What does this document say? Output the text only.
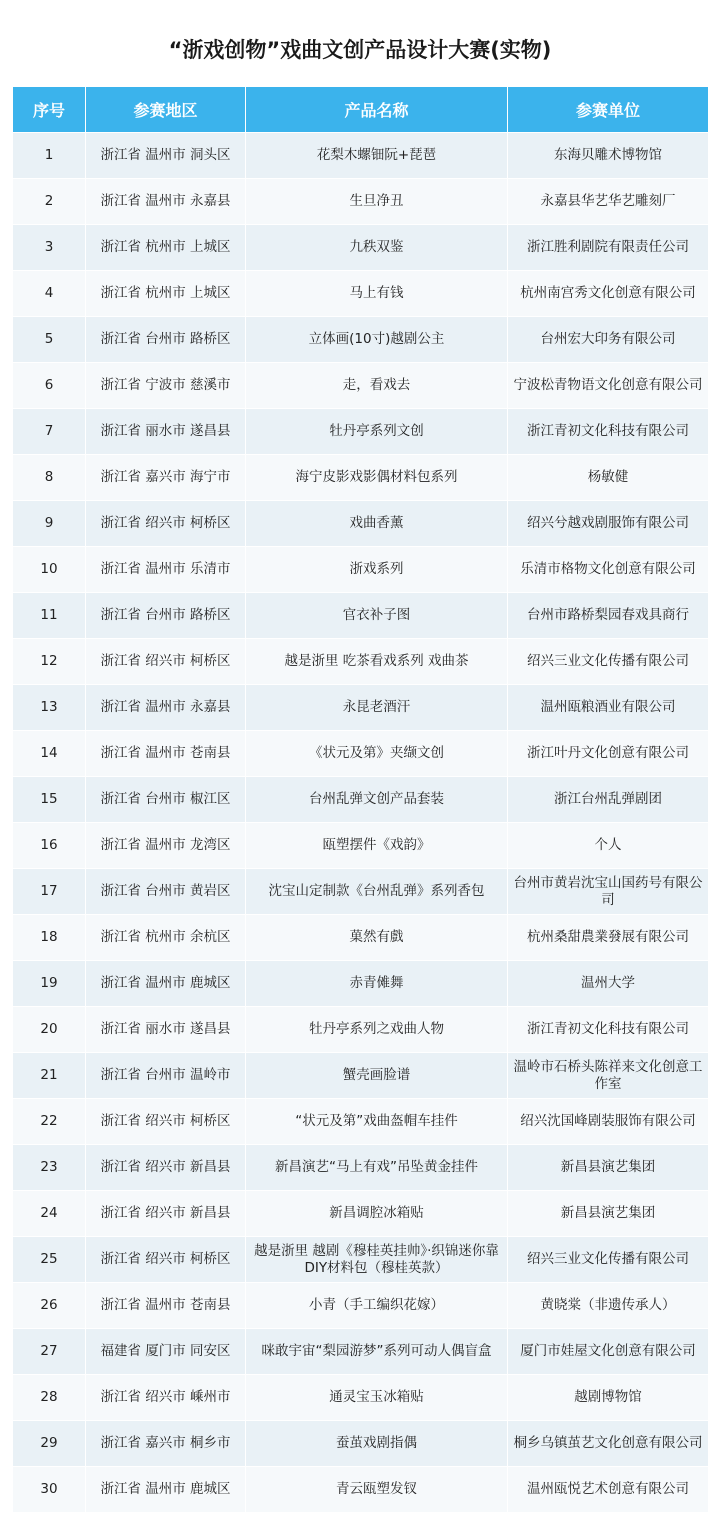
“浙戏创物”戏曲文创产品设计大赛(实物)
序号	参赛地区	产品名称	参赛单位
1	浙江省 温州市 洞头区	花梨木螺钿阮+琵琶	东海贝雕术博物馆
2	浙江省 温州市 永嘉县	生旦净丑	永嘉县华艺华艺雕刻厂
3	浙江省 杭州市 上城区	九秩双鉴	浙江胜利剧院有限责任公司
4	浙江省 杭州市 上城区	马上有钱	杭州南宫秀文化创意有限公司
5	浙江省 台州市 路桥区	立体画(10寸)越剧公主	台州宏大印务有限公司
6	浙江省 宁波市 慈溪市	走，看戏去	宁波松青物语文化创意有限公司
7	浙江省 丽水市 遂昌县	牡丹亭系列文创	浙江青初文化科技有限公司
8	浙江省 嘉兴市 海宁市	海宁皮影戏影偶材料包系列	杨敏健
9	浙江省 绍兴市 柯桥区	戏曲香薰	绍兴兮越戏剧服饰有限公司
10	浙江省 温州市 乐清市	浙戏系列	乐清市格物文化创意有限公司
11	浙江省 台州市 路桥区	官衣补子图	台州市路桥梨园春戏具商行
12	浙江省 绍兴市 柯桥区	越是浙里 吃茶看戏系列 戏曲茶	绍兴三业文化传播有限公司
13	浙江省 温州市 永嘉县	永昆老酒汗	温州瓯粮酒业有限公司
14	浙江省 温州市 苍南县	《状元及第》夹缬文创	浙江叶丹文化创意有限公司
15	浙江省 台州市 椒江区	台州乱弹文创产品套装	浙江台州乱弹剧团
16	浙江省 温州市 龙湾区	瓯塑摆件《戏韵》	个人
17	浙江省 台州市 黄岩区	沈宝山定制款《台州乱弹》系列香包	台州市黄岩沈宝山国药号有限公司
18	浙江省 杭州市 余杭区	菓然有戲	杭州桑甜農業發展有限公司
19	浙江省 温州市 鹿城区	赤青傩舞	温州大学
20	浙江省 丽水市 遂昌县	牡丹亭系列之戏曲人物	浙江青初文化科技有限公司
21	浙江省 台州市 温岭市	蟹壳画脸谱	温岭市石桥头陈祥来文化创意工作室
22	浙江省 绍兴市 柯桥区	“状元及第”戏曲盔帽车挂件	绍兴沈国峰剧装服饰有限公司
23	浙江省 绍兴市 新昌县	新昌演艺“马上有戏”吊坠黄金挂件	新昌县演艺集团
24	浙江省 绍兴市 新昌县	新昌调腔冰箱贴	新昌县演艺集团
25	浙江省 绍兴市 柯桥区	越是浙里 越剧《穆桂英挂帅》·织锦迷你靠DIY材料包（穆桂英款）	绍兴三业文化传播有限公司
26	浙江省 温州市 苍南县	小青（手工编织花嫁）	黄晓棠（非遗传承人）
27	福建省 厦门市 同安区	咪敢宇宙“梨园游梦”系列可动人偶盲盒	厦门市娃屋文化创意有限公司
28	浙江省 绍兴市 嵊州市	通灵宝玉冰箱贴	越剧博物馆
29	浙江省 嘉兴市 桐乡市	蚕茧戏剧指偶	桐乡乌镇茧艺文化创意有限公司
30	浙江省 温州市 鹿城区	青云瓯塑发钗	温州瓯悦艺术创意有限公司
